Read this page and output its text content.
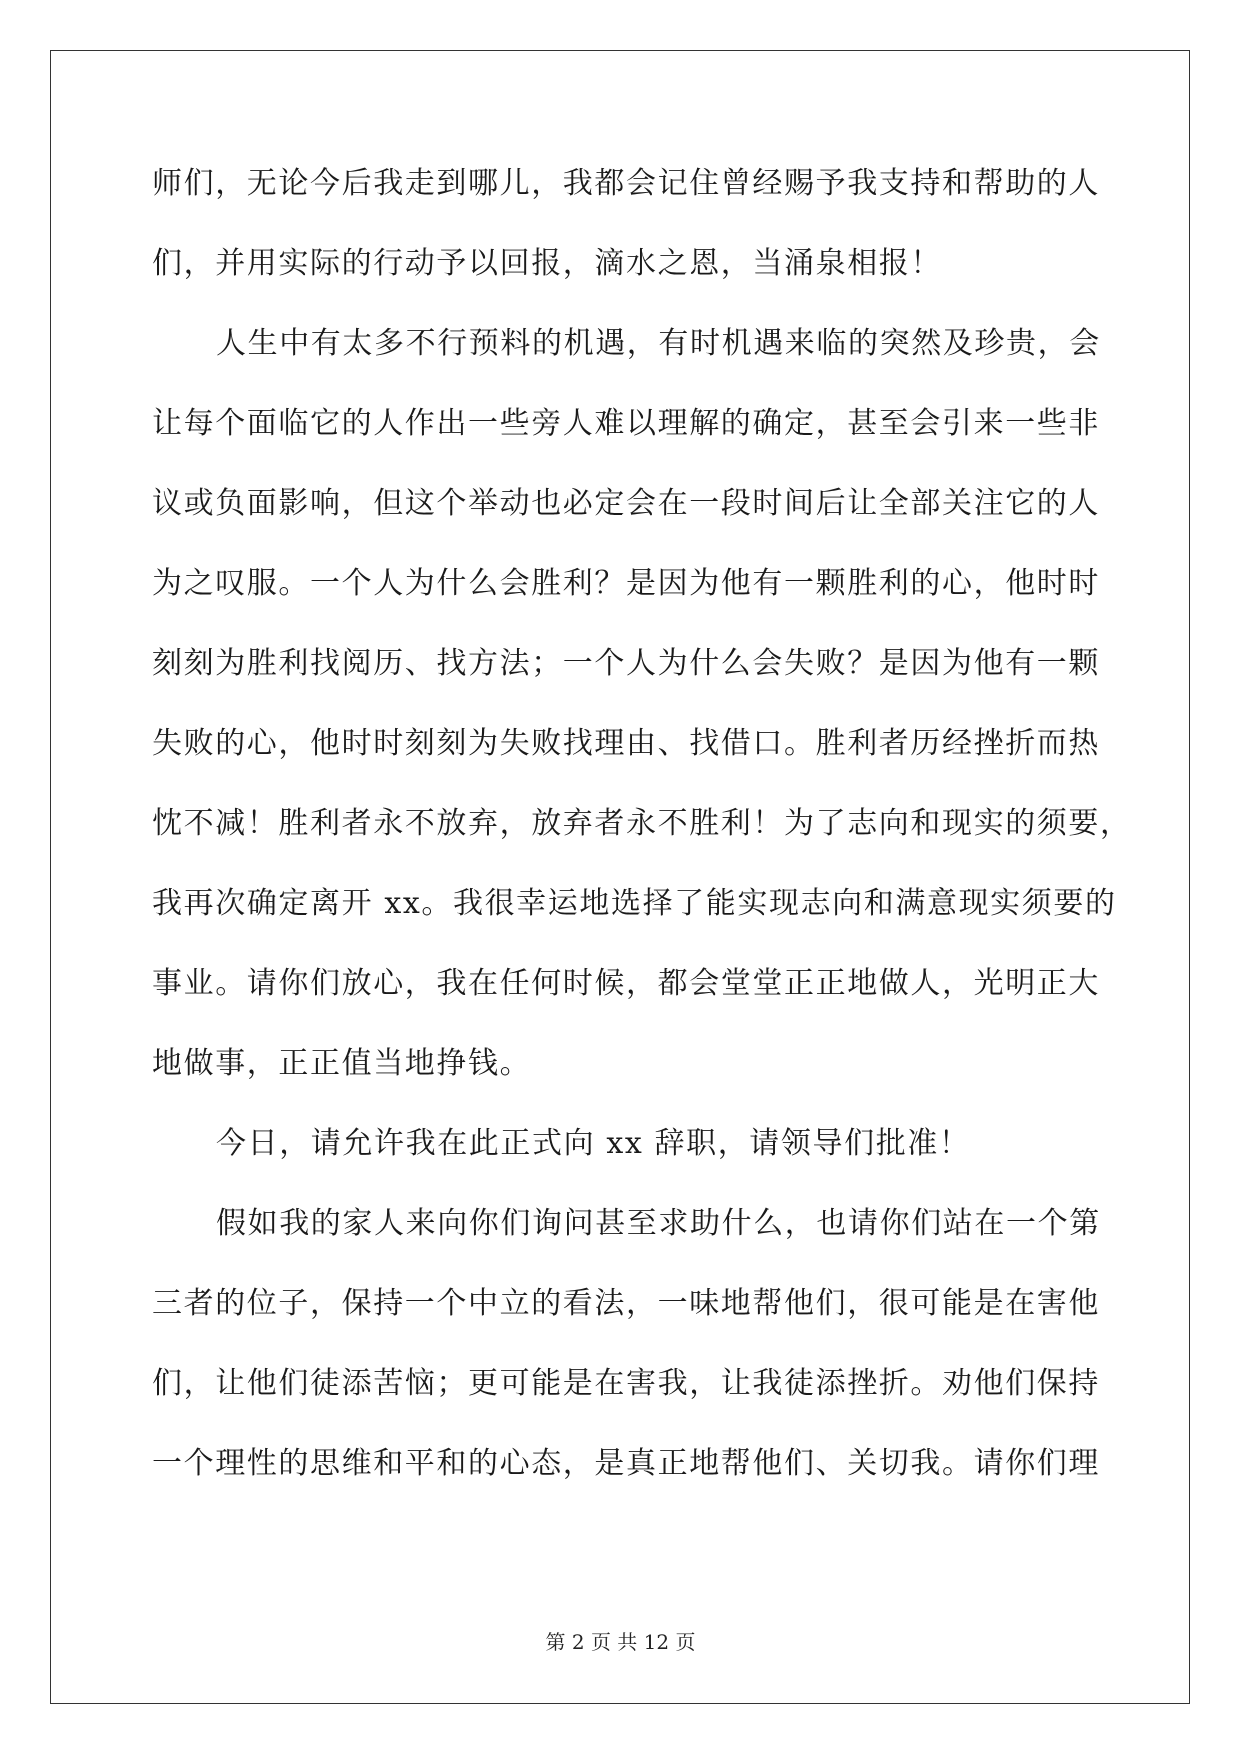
师们，无论今后我走到哪儿，我都会记住曾经赐予我支持和帮助的人
们，并用实际的行动予以回报，滴水之恩，当涌泉相报！
人生中有太多不行预料的机遇，有时机遇来临的突然及珍贵，会
让每个面临它的人作出一些旁人难以理解的确定，甚至会引来一些非
议或负面影响，但这个举动也必定会在一段时间后让全部关注它的人
为之叹服。一个人为什么会胜利？是因为他有一颗胜利的心，他时时
刻刻为胜利找阅历、找方法；一个人为什么会失败？是因为他有一颗
失败的心，他时时刻刻为失败找理由、找借口。胜利者历经挫折而热
忱不减！胜利者永不放弃，放弃者永不胜利！为了志向和现实的须要，
我再次确定离开 xx。我很幸运地选择了能实现志向和满意现实须要的
事业。请你们放心，我在任何时候，都会堂堂正正地做人，光明正大
地做事，正正值当地挣钱。
今日，请允许我在此正式向 xx 辞职，请领导们批准！
假如我的家人来向你们询问甚至求助什么，也请你们站在一个第
三者的位子，保持一个中立的看法，一味地帮他们，很可能是在害他
们，让他们徒添苦恼；更可能是在害我，让我徒添挫折。劝他们保持
一个理性的思维和平和的心态，是真正地帮他们、关切我。请你们理
第 2 页 共 12 页
